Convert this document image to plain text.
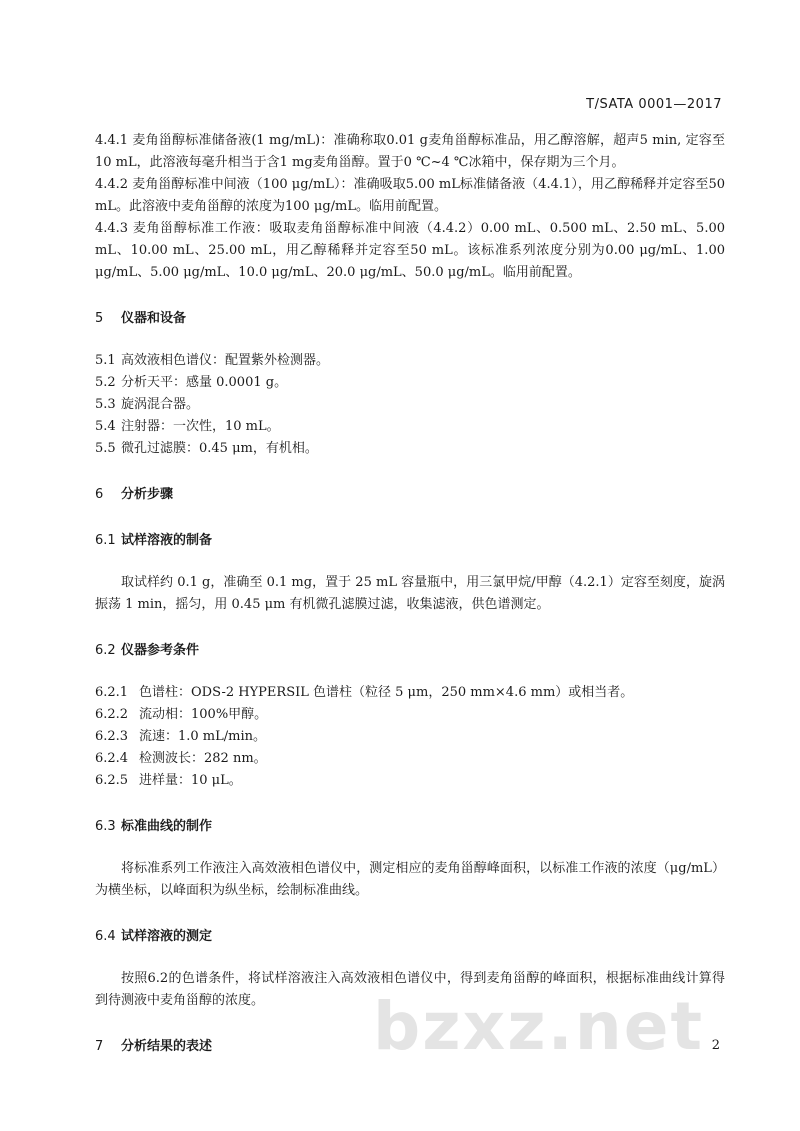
T/SATA 0001—2017

4.4.1 麦角甾醇标准储备液(1 mg/mL)：准确称取0.01 g麦角甾醇标准品，用乙醇溶解，超声5 min, 定容至10 mL，此溶液每毫升相当于含1 mg麦角甾醇。置于0 ℃~4 ℃冰箱中，保存期为三个月。

4.4.2 麦角甾醇标准中间液（100 μg/mL）：准确吸取5.00 mL标准储备液（4.4.1），用乙醇稀释并定容至50 mL。此溶液中麦角甾醇的浓度为100 μg/mL。临用前配置。

4.4.3 麦角甾醇标准工作液：吸取麦角甾醇标准中间液（4.4.2）0.00 mL、0.500 mL、2.50 mL、5.00 mL、10.00 mL、25.00 mL，用乙醇稀释并定容至50 mL。该标准系列浓度分别为0.00 μg/mL、1.00 μg/mL、5.00 μg/mL、10.0 μg/mL、20.0 μg/mL、50.0 μg/mL。临用前配置。

5 仪器和设备

5.1 高效液相色谱仪：配置紫外检测器。

5.2 分析天平：感量 0.0001 g。

5.3 旋涡混合器。

5.4 注射器：一次性，10 mL。

5.5 微孔过滤膜：0.45 μm，有机相。

6 分析步骤

6.1 试样溶液的制备

取试样约 0.1 g，准确至 0.1 mg，置于 25 mL 容量瓶中，用三氯甲烷/甲醇（4.2.1）定容至刻度，旋涡振荡 1 min，摇匀，用 0.45 μm 有机微孔滤膜过滤，收集滤液，供色谱测定。

6.2 仪器参考条件

6.2.1 色谱柱：ODS-2 HYPERSIL 色谱柱（粒径 5 μm，250 mm×4.6 mm）或相当者。

6.2.2 流动相：100%甲醇。

6.2.3 流速：1.0 mL/min。

6.2.4 检测波长：282 nm。

6.2.5 进样量：10 μL。

6.3 标准曲线的制作

将标准系列工作液注入高效液相色谱仪中，测定相应的麦角甾醇峰面积，以标准工作液的浓度（μg/mL）为横坐标，以峰面积为纵坐标，绘制标准曲线。

6.4 试样溶液的测定

按照6.2的色谱条件，将试样溶液注入高效液相色谱仪中，得到麦角甾醇的峰面积，根据标准曲线计算得到待测液中麦角甾醇的浓度。

7 分析结果的表述	bzxz.net 2
